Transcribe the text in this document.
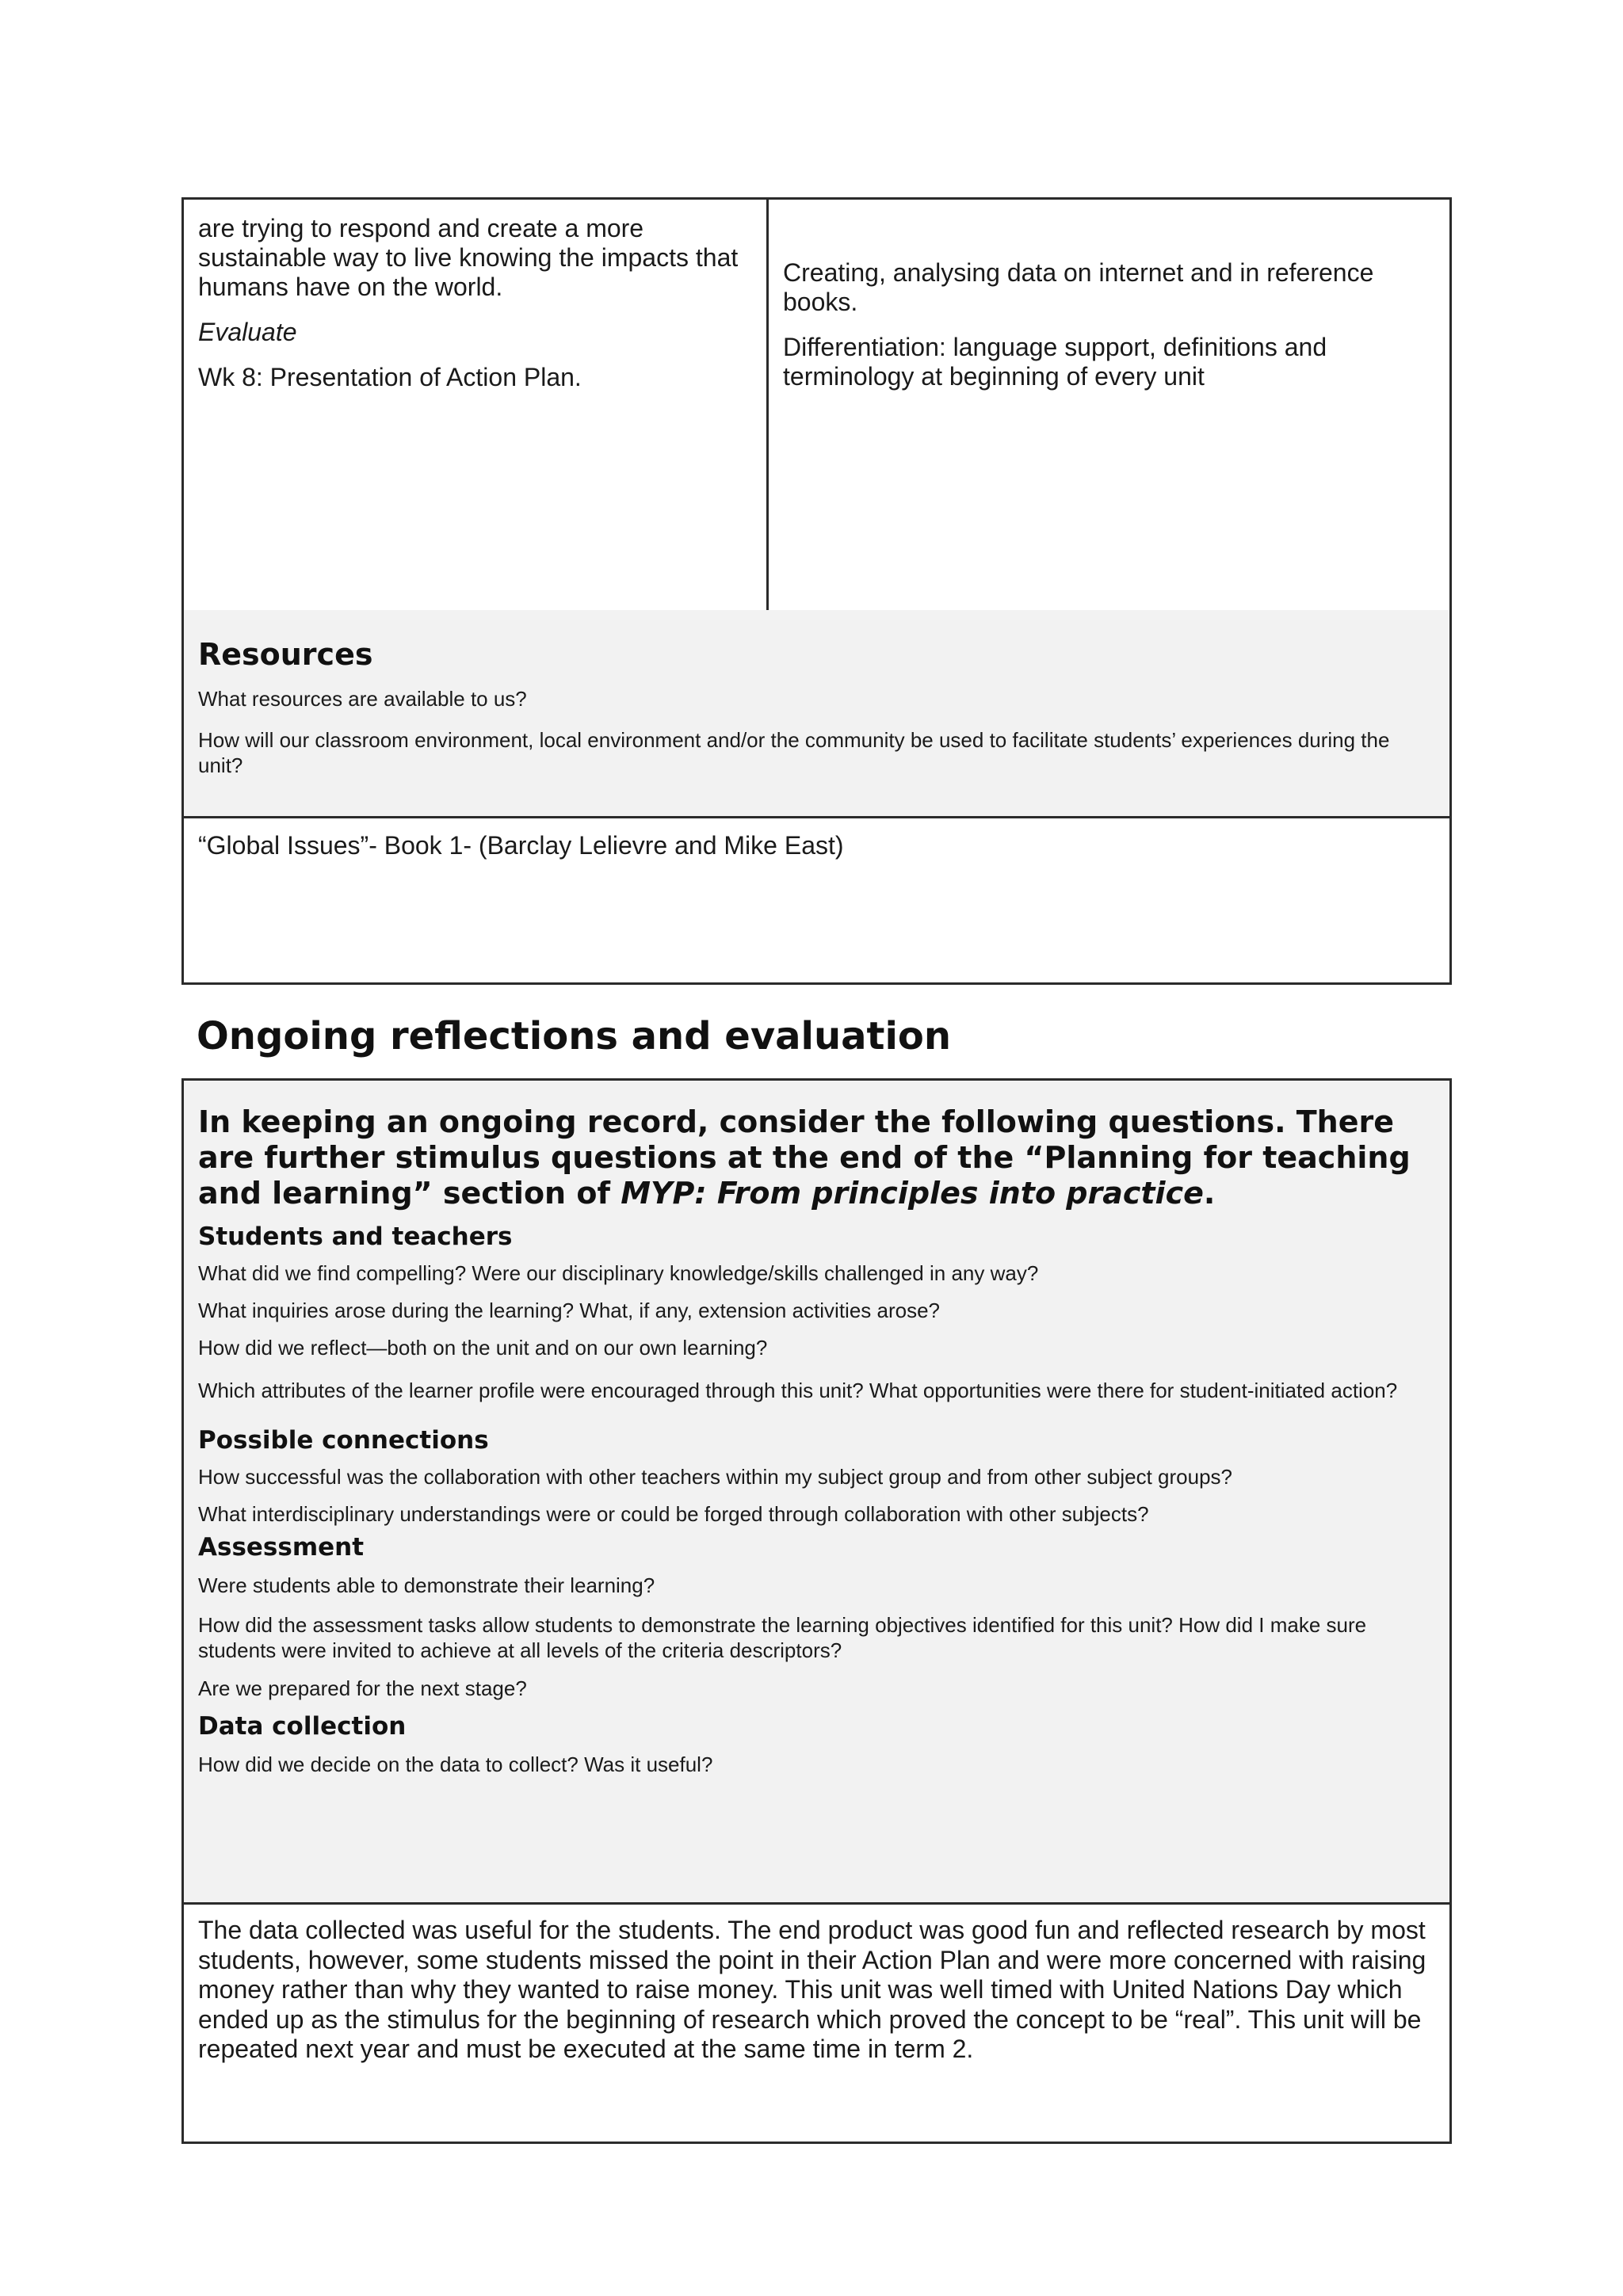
are trying to respond and create a more sustainable way to live knowing the impacts that humans have on the world.

Evaluate

Wk 8: Presentation of Action Plan.

Creating, analysing data on internet and in reference books.

Differentiation: language support, definitions and terminology at beginning of every unit

Resources

What resources are available to us?

How will our classroom environment, local environment and/or the community be used to facilitate students’ experiences during the unit?

“Global Issues”- Book 1- (Barclay Lelievre and Mike East)

Ongoing reflections and evaluation

In keeping an ongoing record, consider the following questions. There are further stimulus questions at the end of the “Planning for teaching and learning” section of MYP: From principles into practice.

Students and teachers

What did we find compelling? Were our disciplinary knowledge/skills challenged in any way?

What inquiries arose during the learning? What, if any, extension activities arose?

How did we reflect—both on the unit and on our own learning?

Which attributes of the learner profile were encouraged through this unit? What opportunities were there for student-initiated action?

Possible connections

How successful was the collaboration with other teachers within my subject group and from other subject groups?

What interdisciplinary understandings were or could be forged through collaboration with other subjects?

Assessment

Were students able to demonstrate their learning?

How did the assessment tasks allow students to demonstrate the learning objectives identified for this unit? How did I make sure students were invited to achieve at all levels of the criteria descriptors?

Are we prepared for the next stage?

Data collection

How did we decide on the data to collect? Was it useful?

The data collected was useful for the students. The end product was good fun and reflected research by most students, however, some students missed the point in their Action Plan and were more concerned with raising money rather than why they wanted to raise money. This unit was well timed with United Nations Day which ended up as the stimulus for the beginning of research which proved the concept to be “real”. This unit will be repeated next year and must be executed at the same time in term 2.
